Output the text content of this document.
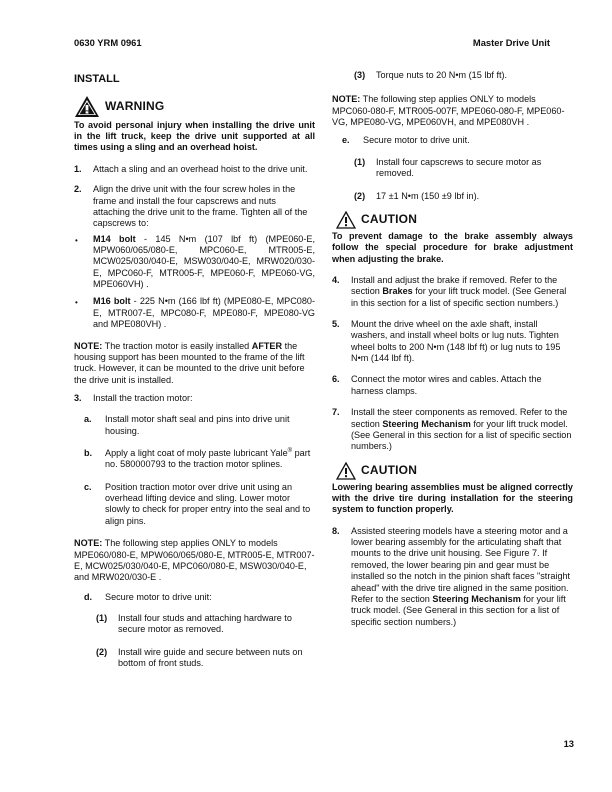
0630 YRM 0961	Master Drive Unit
INSTALL
WARNING
To avoid personal injury when installing the drive unit in the lift truck, keep the drive unit supported at all times using a sling and an overhead hoist.
1.	Attach a sling and an overhead hoist to the drive unit.
2.	Align the drive unit with the four screw holes in the frame and install the four capscrews and nuts attaching the drive unit to the frame. Tighten all of the capscrews to:
•	M14 bolt - 145 N•m (107 lbf ft) (MPE060-E, MPW060/065/080-E, MPC060-E, MTR005-E, MCW025/030/040-E, MSW030/040-E, MRW020/030-E, MPC060-F, MTR005-F, MPE060-F, MPE060-VG, MPE060VH) .
•	M16 bolt - 225 N•m (166 lbf ft) (MPE080-E, MPC080-E, MTR007-E, MPC080-F, MPE080-F, MPE080-VG and MPE080VH) .
NOTE: The traction motor is easily installed AFTER the housing support has been mounted to the frame of the lift truck. However, it can be mounted to the drive unit before the drive unit is installed.
3.	Install the traction motor:
a.	Install motor shaft seal and pins into drive unit housing.
b.	Apply a light coat of moly paste lubricant Yale® part no. 580000793 to the traction motor splines.
c.	Position traction motor over drive unit using an overhead lifting device and sling. Lower motor slowly to check for proper entry into the seal and to align pins.
NOTE: The following step applies ONLY to models MPE060/080-E, MPW060/065/080-E, MTR005-E, MTR007-E, MCW025/030/040-E, MPC060/080-E, MSW030/040-E, and MRW020/030-E .
d.	Secure motor to drive unit:
(1)	Install four studs and attaching hardware to secure motor as removed.
(2)	Install wire guide and secure between nuts on bottom of front studs.
(3)	Torque nuts to 20 N•m (15 lbf ft).
NOTE: The following step applies ONLY to models MPC060-080-F, MTR005-007F, MPE060-080-F, MPE060-VG, MPE080-VG, MPE060VH, and MPE080VH .
e.	Secure motor to drive unit.
(1)	Install four capscrews to secure motor as removed.
(2)	17 ±1 N•m (150 ±9 lbf in).
CAUTION
To prevent damage to the brake assembly always follow the special procedure for brake adjustment when adjusting the brake.
4.	Install and adjust the brake if removed. Refer to the section Brakes for your lift truck model. (See General in this section for a list of specific section numbers.)
5.	Mount the drive wheel on the axle shaft, install washers, and install wheel bolts or lug nuts. Tighten wheel bolts to 200 N•m (148 lbf ft) or lug nuts to 195 N•m (144 lbf ft).
6.	Connect the motor wires and cables. Attach the harness clamps.
7.	Install the steer components as removed. Refer to the section Steering Mechanism for your lift truck model. (See General in this section for a list of specific section numbers.)
CAUTION
Lowering bearing assemblies must be aligned correctly with the drive tire during installation for the steering system to function properly.
8.	Assisted steering models have a steering motor and a lower bearing assembly for the articulating shaft that mounts to the drive unit housing. See Figure 7. If removed, the lower bearing pin and gear must be installed so the notch in the pinion shaft faces "straight ahead" with the drive tire aligned in the same position. Refer to the section Steering Mechanism for your lift truck model. (See General in this section for a list of specific section numbers.)
13
